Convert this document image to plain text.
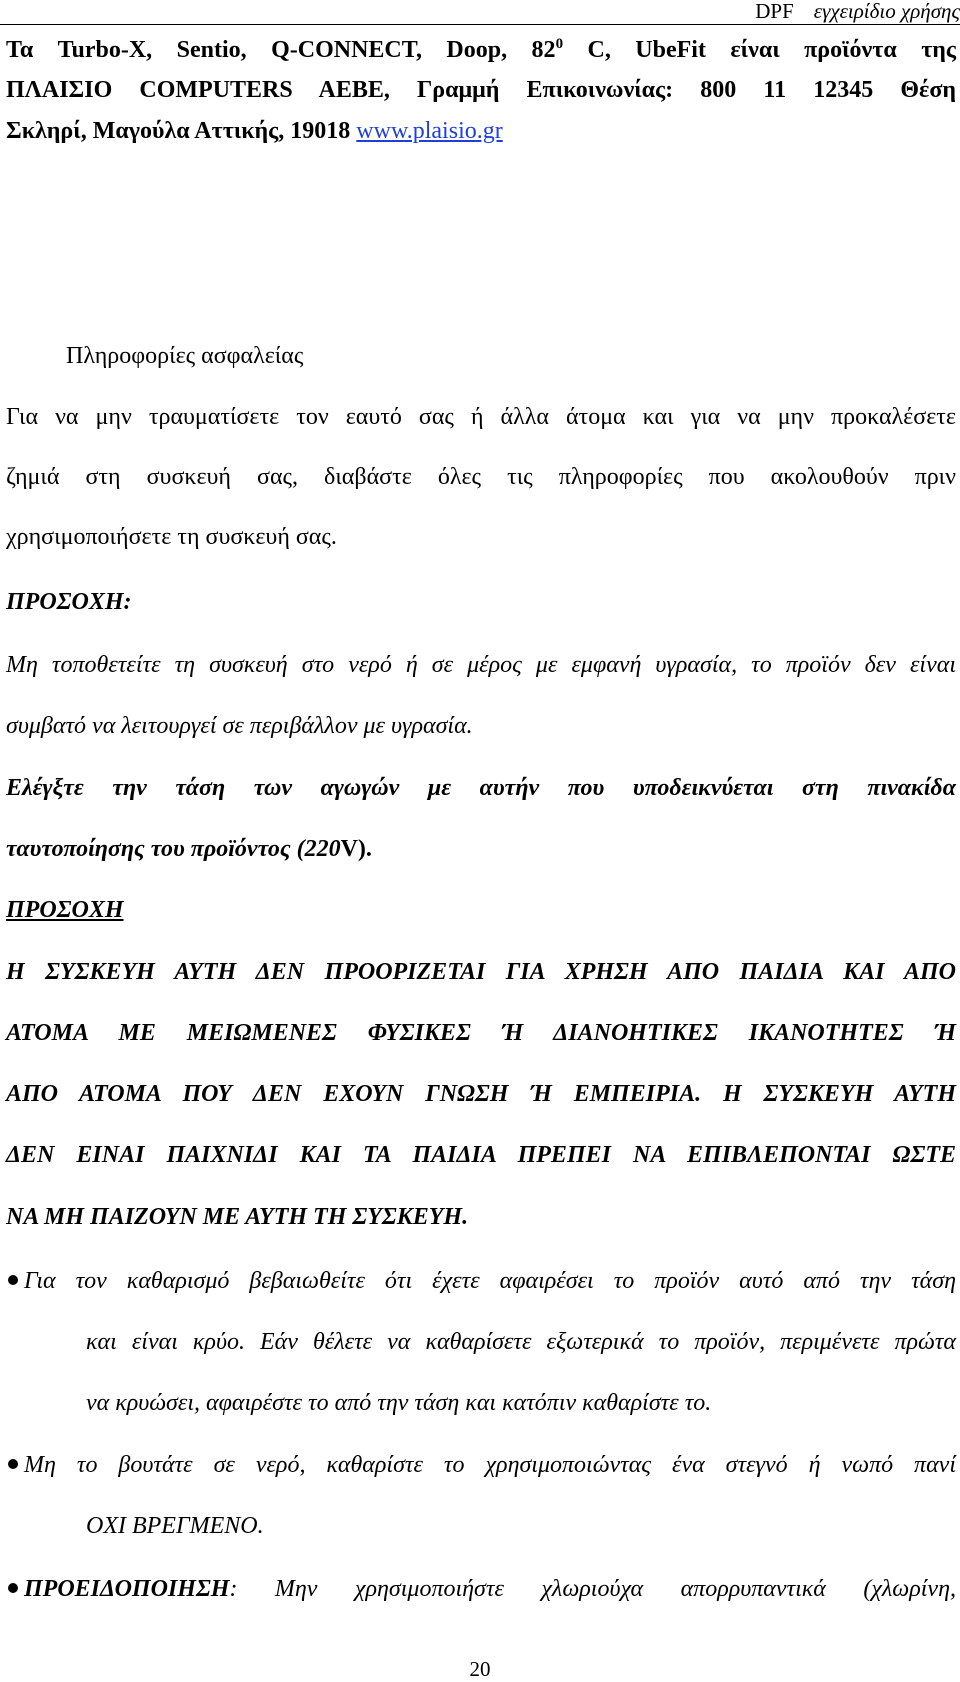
DPF εγχειρίδιο χρήσης
Τα Turbo-X, Sentio, Q-CONNECT, Doop, $82^0$ C, UbeFit είναι προϊόντα της
ΠΛΑΙΣΙΟ COMPUTERS AEBE, Γραμμή Επικοινωνίας: 800 11 12345 Θέση
Σκληρί, Μαγούλα Αττικής, 19018 www.plaisio.gr
Πληροφορίες ασφαλείας
Για να μην τραυματίσετε τον εαυτό σας ή άλλα άτομα και για να μην προκαλέσετε
ζημιά στη συσκευή σας, διαβάστε όλες τις πληροφορίες που ακολουθούν πριν
χρησιμοποιήσετε τη συσκευή σας.
ΠΡΟΣΟΧΗ:
Μη τοποθετείτε τη συσκευή στο νερό ή σε μέρος με εμφανή υγρασία, το προϊόν δεν είναι
συμβατό να λειτουργεί σε περιβάλλον με υγρασία.
Ελέγξτε την τάση των αγωγών με αυτήν που υποδεικνύεται στη πινακίδα
ταυτοποίησης του προϊόντος (220V).
ΠΡΟΣΟΧΗ
Η ΣΥΣΚΕΥΗ ΑΥΤΗ ΔΕΝ ΠΡΟΟΡΙΖΕΤΑΙ ΓΙΑ ΧΡΗΣΗ ΑΠΟ ΠΑΙΔΙΑ ΚΑΙ ΑΠΟ
ΑΤΟΜΑ ΜΕ ΜΕΙΩΜΕΝΕΣ ΦΥΣΙΚΕΣ Ή ΔΙΑΝΟΗΤΙΚΕΣ ΙΚΑΝΟΤΗΤΕΣ Ή
ΑΠΟ ΑΤΟΜΑ ΠΟΥ ΔΕΝ ΕΧΟΥΝ ΓΝΩΣΗ Ή ΕΜΠΕΙΡΙΑ. Η ΣΥΣΚΕΥΗ ΑΥΤΗ
ΔΕΝ ΕΙΝΑΙ ΠΑΙΧΝΙΔΙ ΚΑΙ ΤΑ ΠΑΙΔΙΑ ΠΡΕΠΕΙ ΝΑ ΕΠΙΒΛΕΠΟΝΤΑΙ ΩΣΤΕ
ΝΑ ΜΗ ΠΑΙΖΟΥΝ ΜΕ ΑΥΤΗ ΤΗ ΣΥΣΚΕΥΗ.
Για τον καθαρισμό βεβαιωθείτε ότι έχετε αφαιρέσει το προϊόν αυτό από την τάση
και είναι κρύο. Εάν θέλετε να καθαρίσετε εξωτερικά το προϊόν, περιμένετε πρώτα
να κρυώσει, αφαιρέστε το από την τάση και κατόπιν καθαρίστε το.
Μη το βουτάτε σε νερό, καθαρίστε το χρησιμοποιώντας ένα στεγνό ή νωπό πανί
ΟΧΙ ΒΡΕΓΜΕΝΟ.
ΠΡΟΕΙΔΟΠΟΙΗΣΗ: Μην χρησιμοποιήστε χλωριούχα απορρυπαντικά (χλωρίνη,
20
